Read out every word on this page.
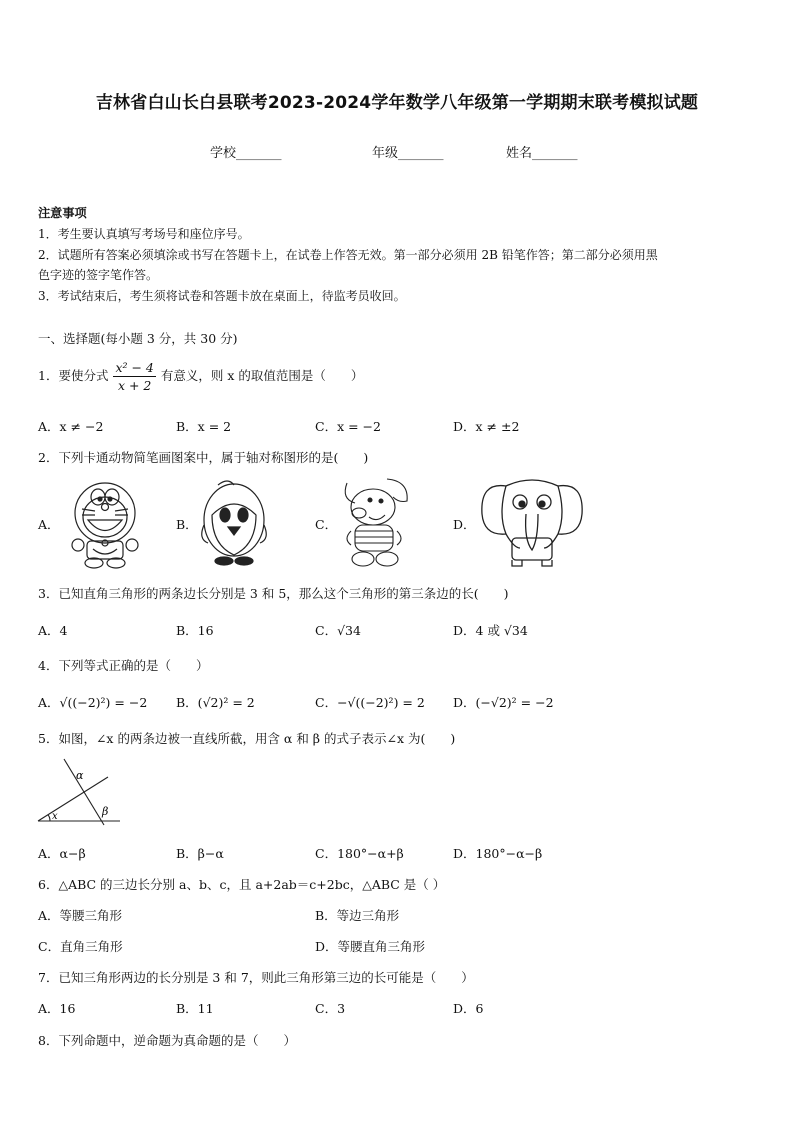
吉林省白山长白县联考2023-2024学年数学八年级第一学期期末联考模拟试题
学校_______	年级_______	姓名_______
注意事项
1．考生要认真填写考场号和座位序号。
2．试题所有答案必须填涂或书写在答题卡上，在试卷上作答无效。第一部分必须用 2B 铅笔作答；第二部分必须用黑
色字迹的签字笔作答。
3．考试结束后，考生须将试卷和答题卡放在桌面上，待监考员收回。
一、选择题(每小题 3 分，共 30 分)
1．要使分式 $\frac{\text{x² − 4}}{x + 2}$ 有意义，则 x 的取值范围是（　　）
A．x ≠ −2	B．x = 2	C．x = −2	D．x ≠ ±2
2．下列卡通动物简笔画图案中，属于轴对称图形的是(　　)
A．	B．	C．	D．
3．已知直角三角形的两条边长分别是 3 和 5，那么这个三角形的第三条边的长(　　)
A．4	B．16	C．√34	D．4 或 √34
4．下列等式正确的是（　　）
A．√((−2)²) = −2 B．(√2)² = 2	C．−√((−2)²) = 2 D．(−√2)² = −2
5．如图，∠x 的两条边被一直线所截，用含 α 和 β 的式子表示∠x 为(　　)
α
β
x
A．α−β	B．β−α	C．180°−α+β	D．180°−α−β
6．△ABC 的三边长分别 a、b、c，且 a+2ab＝c+2bc，△ABC 是（ ）
A．等腰三角形	B．等边三角形
C．直角三角形	D．等腰直角三角形
7．已知三角形两边的长分别是 3 和 7，则此三角形第三边的长可能是（　　）
A．16	B．11	C．3	D．6
8．下列命题中，逆命题为真命题的是（　　）
